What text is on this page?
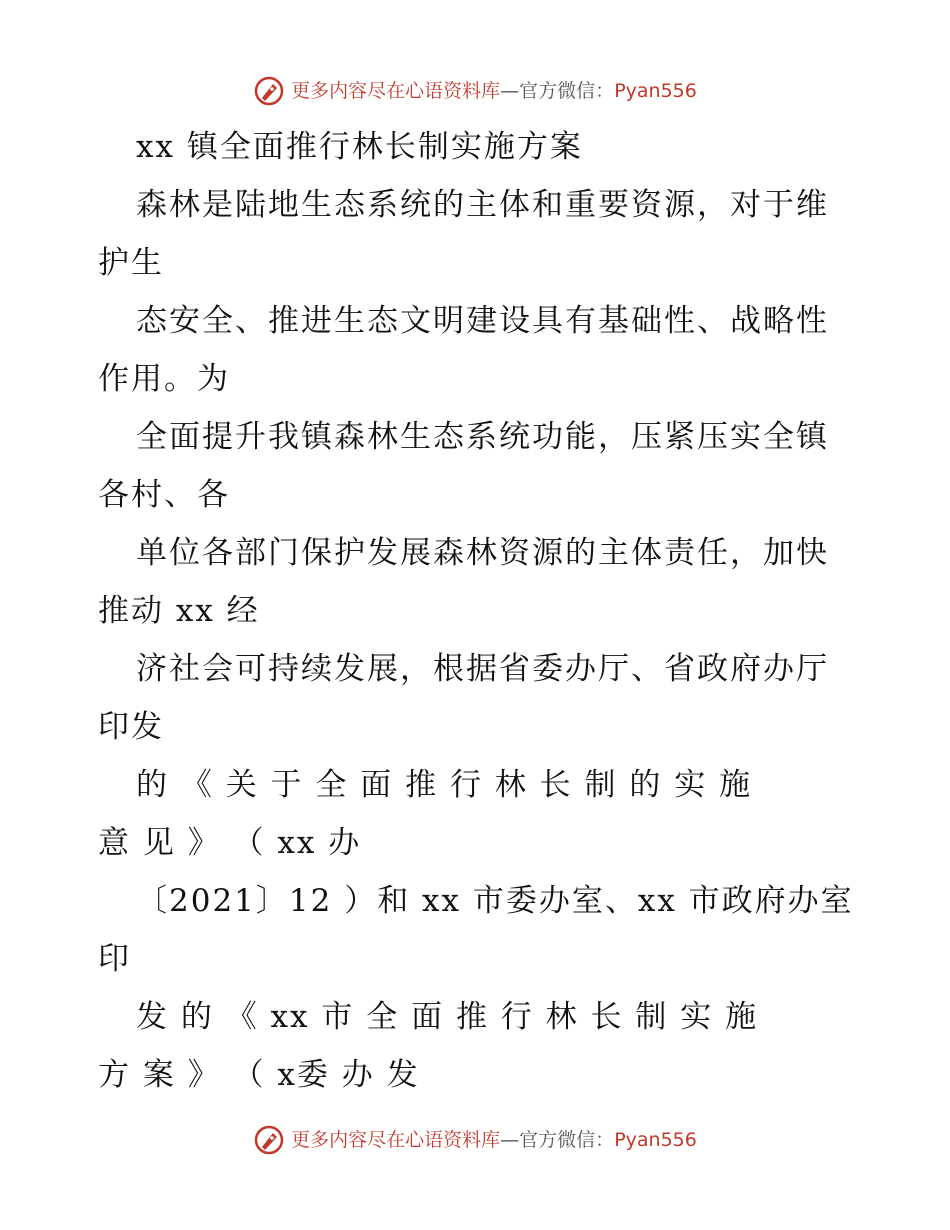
更多内容尽在心语资料库 — 官方微信： Pyan556
xx 镇全面推行林长制实施方案
森林是陆地生态系统的主体和重要资源，对于维
护生
态安全、推进生态文明建设具有基础性、战略性
作用。为
全面提升我镇森林生态系统功能，压紧压实全镇
各村、各
单位各部门保护发展森林资源的主体责任，加快
推动 xx 经
济社会可持续发展，根据省委办厅、省政府办厅
印发
的 《 关 于 全 面 推 行 林 长 制 的 实 施
意 见 》 （ xx 办
〔2021〕12 ）和 xx 市委办室、xx 市政府办室
印
发 的 《 xx 市 全 面 推 行 林 长 制 实 施
方 案 》 （ x委 办 发
更多内容尽在心语资料库 — 官方微信： Pyan556
